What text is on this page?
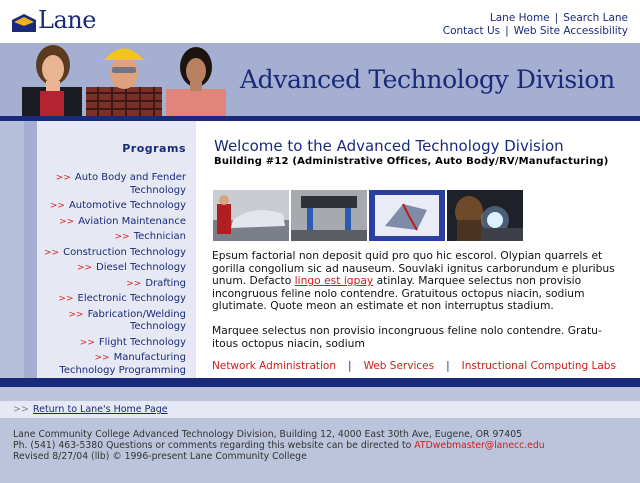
Lane	Lane Home | Search Lane
Contact Us | Web Site Accessibility
Advanced Technology Division
Programs
>> Auto Body and Fender Technology
>> Automotive Technology
>> Aviation Maintenance
>> Technician
>> Construction Technology
>> Diesel Technology
>> Drafting
>> Electronic Technology
>> Fabrication/Welding Technology
>> Flight Technology
>> Manufacturing Technology Programming
Welcome to the Advanced Technology Division
Building #12 (Administrative Offices, Auto Body/RV/Manufacturing)

Epsum factorial non deposit quid pro quo hic escorol. Olypian quarrels et gorilla congolium sic ad nauseum. Souvlaki ignitus carborundum e pluribus unum. Defacto lingo est igpay atinlay. Marquee selectus non provisio incongruous feline nolo contendre. Gratuitous octopus niacin, sodium glutimate. Quote meon an estimate et non interruptus stadium.

Marquee selectus non provisio incongruous feline nolo contendre. Gratu-itous octopus niacin, sodium

Network Administration | Web Services | Instructional Computing Labs
>> Return to Lane's Home Page
Lane Community College Advanced Technology Division, Building 12, 4000 East 30th Ave, Eugene, OR 97405
Ph. (541) 463-5380 Questions or comments regarding this website can be directed to ATDwebmaster@lanecc.edu
Revised 8/27/04 (llb) © 1996-present Lane Community College
